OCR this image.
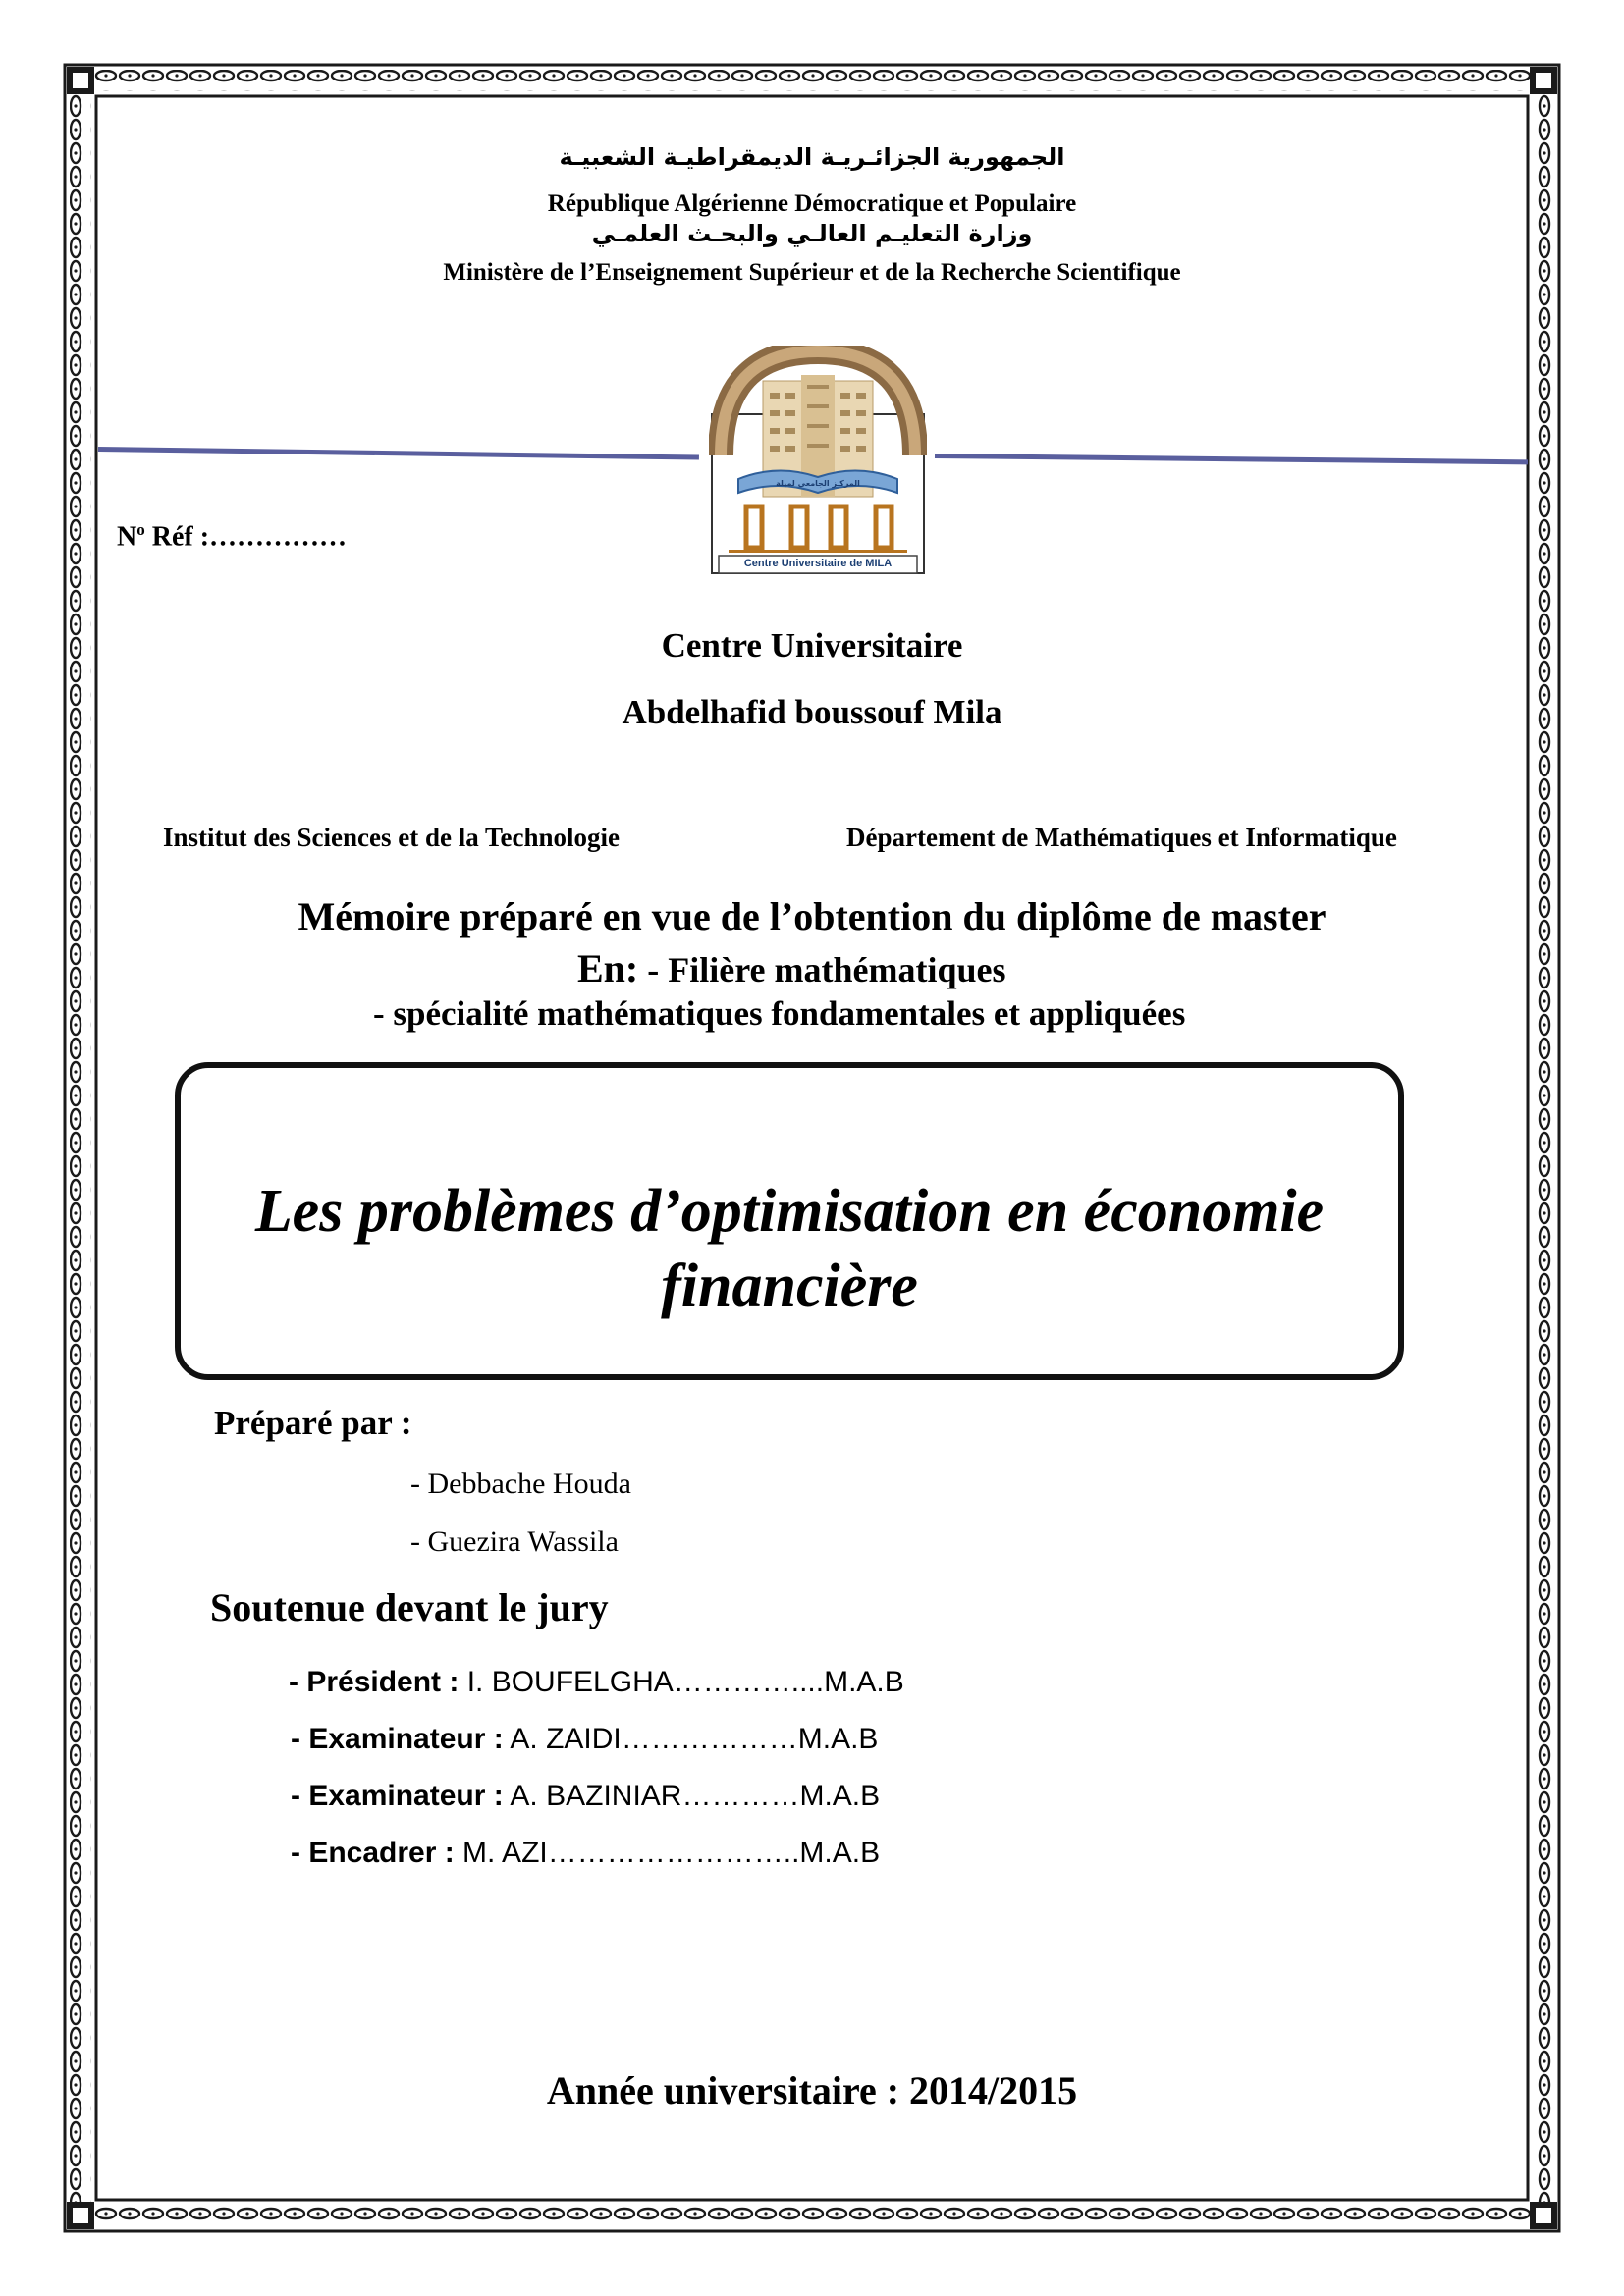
الجمهورية الجزائـريـة الديمقراطيـة الشعبيـة
République Algérienne Démocratique et Populaire
وزارة التعليـم العالـي والبحـث العلمـي
Ministère de l’Enseignement Supérieur et de la Recherche Scientifique
المركـز الجامعي لميلة
Centre Universitaire de MILA
$N^o$ Réf :……………
Centre Universitaire
Abdelhafid boussouf Mila
Institut des Sciences et de la Technologie	Département de Mathématiques et Informatique
Mémoire préparé en vue de l’obtention du diplôme de master
En: - Filière mathématiques
- spécialité mathématiques fondamentales et appliquées
Les problèmes d’optimisation en économie
financière
Préparé par :
- Debbache Houda
- Guezira Wassila
Soutenue devant le jury
- Président : I. BOUFELGHA…………....M.A.B
- Examinateur : A. ZAIDI………………M.A.B
- Examinateur : A. BAZINIAR…………M.A.B
- Encadrer : M. AZI……………………..M.A.B
Année universitaire : 2014/2015
